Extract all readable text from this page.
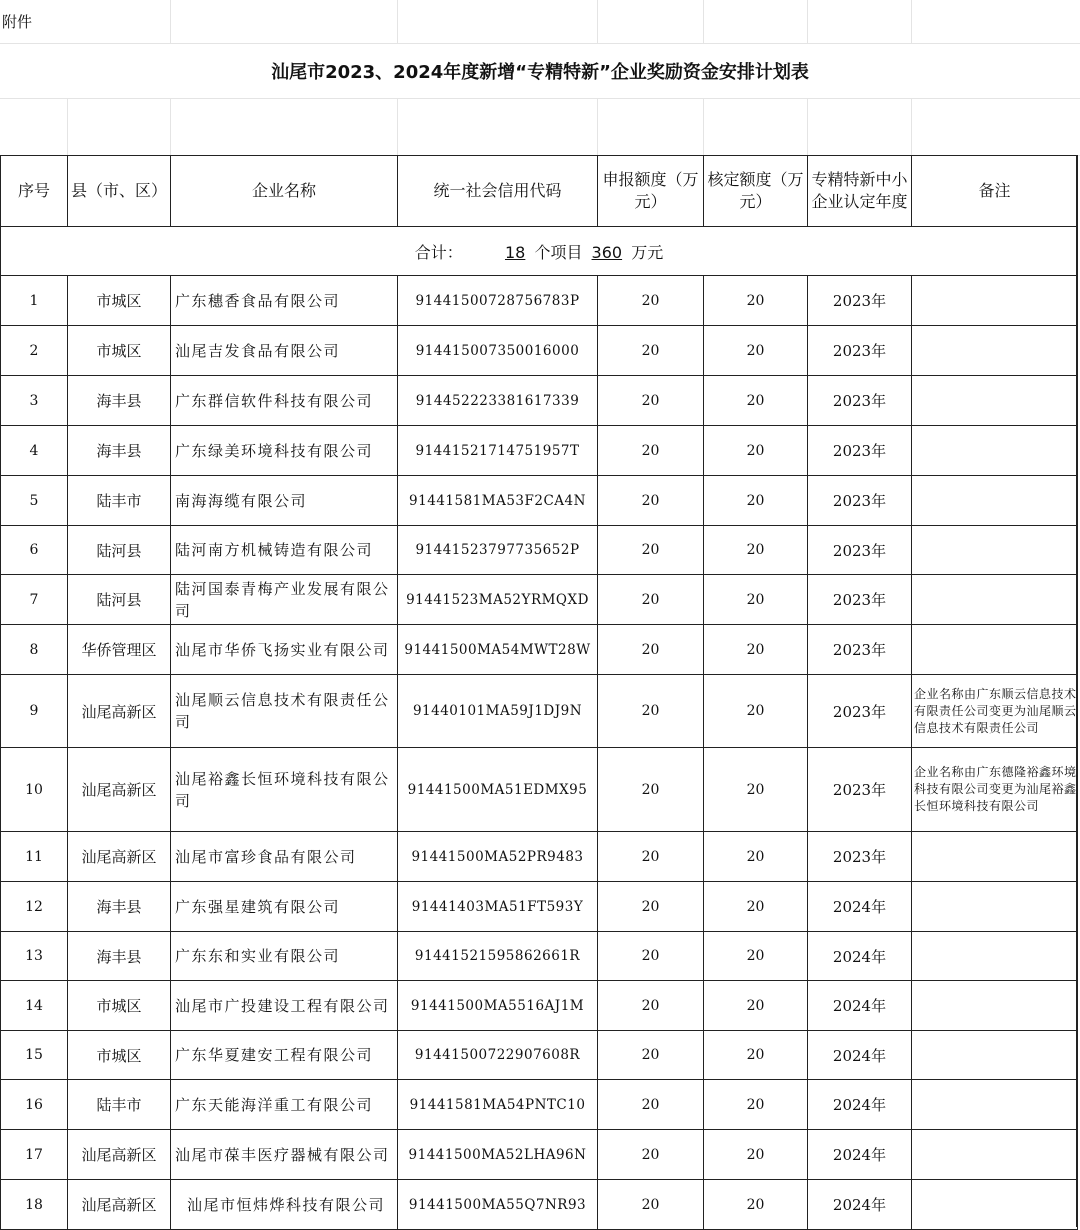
附件							
汕尾市2023、2024年度新增“专精特新”企业奖励资金安排计划表							

序号	县（市、区）	企业名称	统一社会信用代码	申报额度（万元）	核定额度（万元）	专精特新中小企业认定年度	备注
合计： 18 个项目 360 万元							
1	市城区	广东穗香食品有限公司	91441500728756783P	20	20	2023年	
2	市城区	汕尾吉发食品有限公司	914415007350016000	20	20	2023年	
3	海丰县	广东群信软件科技有限公司	914452223381617339	20	20	2023年	
4	海丰县	广东绿美环境科技有限公司	91441521714751957T	20	20	2023年	
5	陆丰市	南海海缆有限公司	91441581MA53F2CA4N	20	20	2023年	
6	陆河县	陆河南方机械铸造有限公司	91441523797735652P	20	20	2023年	
7	陆河县	陆河国泰青梅产业发展有限公司	91441523MA52YRMQXD	20	20	2023年	
8	华侨管理区	汕尾市华侨飞扬实业有限公司	91441500MA54MWT28W	20	20	2023年	
9	汕尾高新区	汕尾顺云信息技术有限责任公司	91440101MA59J1DJ9N	20	20	2023年	企业名称由广东顺云信息技术有限责任公司变更为汕尾顺云信息技术有限责任公司
10	汕尾高新区	汕尾裕鑫长恒环境科技有限公司	91441500MA51EDMX95	20	20	2023年	企业名称由广东德隆裕鑫环境科技有限公司变更为汕尾裕鑫长恒环境科技有限公司
11	汕尾高新区	汕尾市富珍食品有限公司	91441500MA52PR9483	20	20	2023年	
12	海丰县	广东强星建筑有限公司	91441403MA51FT593Y	20	20	2024年	
13	海丰县	广东东和实业有限公司	91441521595862661R	20	20	2024年	
14	市城区	汕尾市广投建设工程有限公司	91441500MA5516AJ1M	20	20	2024年	
15	市城区	广东华夏建安工程有限公司	91441500722907608R	20	20	2024年	
16	陆丰市	广东天能海洋重工有限公司	91441581MA54PNTC10	20	20	2024年	
17	汕尾高新区	汕尾市葆丰医疗器械有限公司	91441500MA52LHA96N	20	20	2024年	
18	汕尾高新区	汕尾市恒炜烨科技有限公司	91441500MA55Q7NR93	20	20	2024年	
